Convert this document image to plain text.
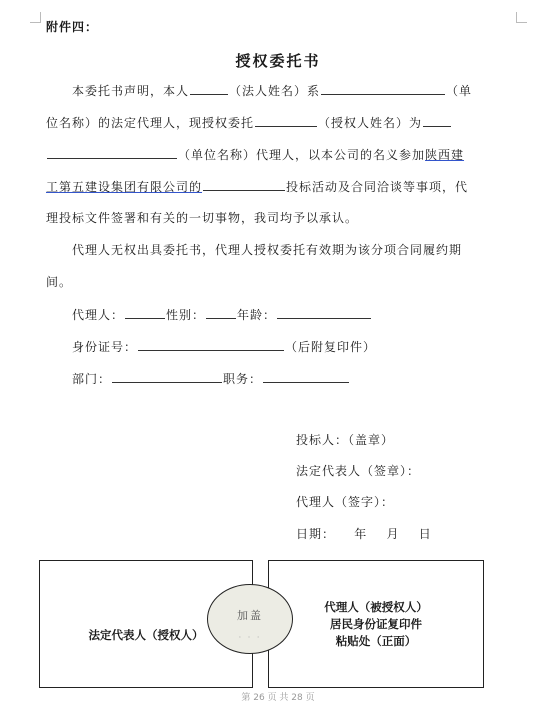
附件四：
授权委托书
本委托书声明，本人	（法人姓名）系	（单
位名称）的法定代理人，现授权委托	（授权人姓名）为
（单位名称）代理人，以本公司的名义参加陕西建
工第五建设集团有限公司的	投标活动及合同洽谈等事项，代
理投标文件签署和有关的一切事物，我司均予以承认。
代理人无权出具委托书，代理人授权委托有效期为该分项合同履约期
间。
代理人：	性别：	年龄：
身份证号：	（后附复印件）
部门：	职务：
投标人：（盖章）
法定代表人（签章）：
代理人（签字）：
日期：    年    月    日
法定代表人（授权人）
代理人（被授权人）
居民身份证复印件
粘贴处（正面）
加盖
· · ·
第 26 页 共 28 页
